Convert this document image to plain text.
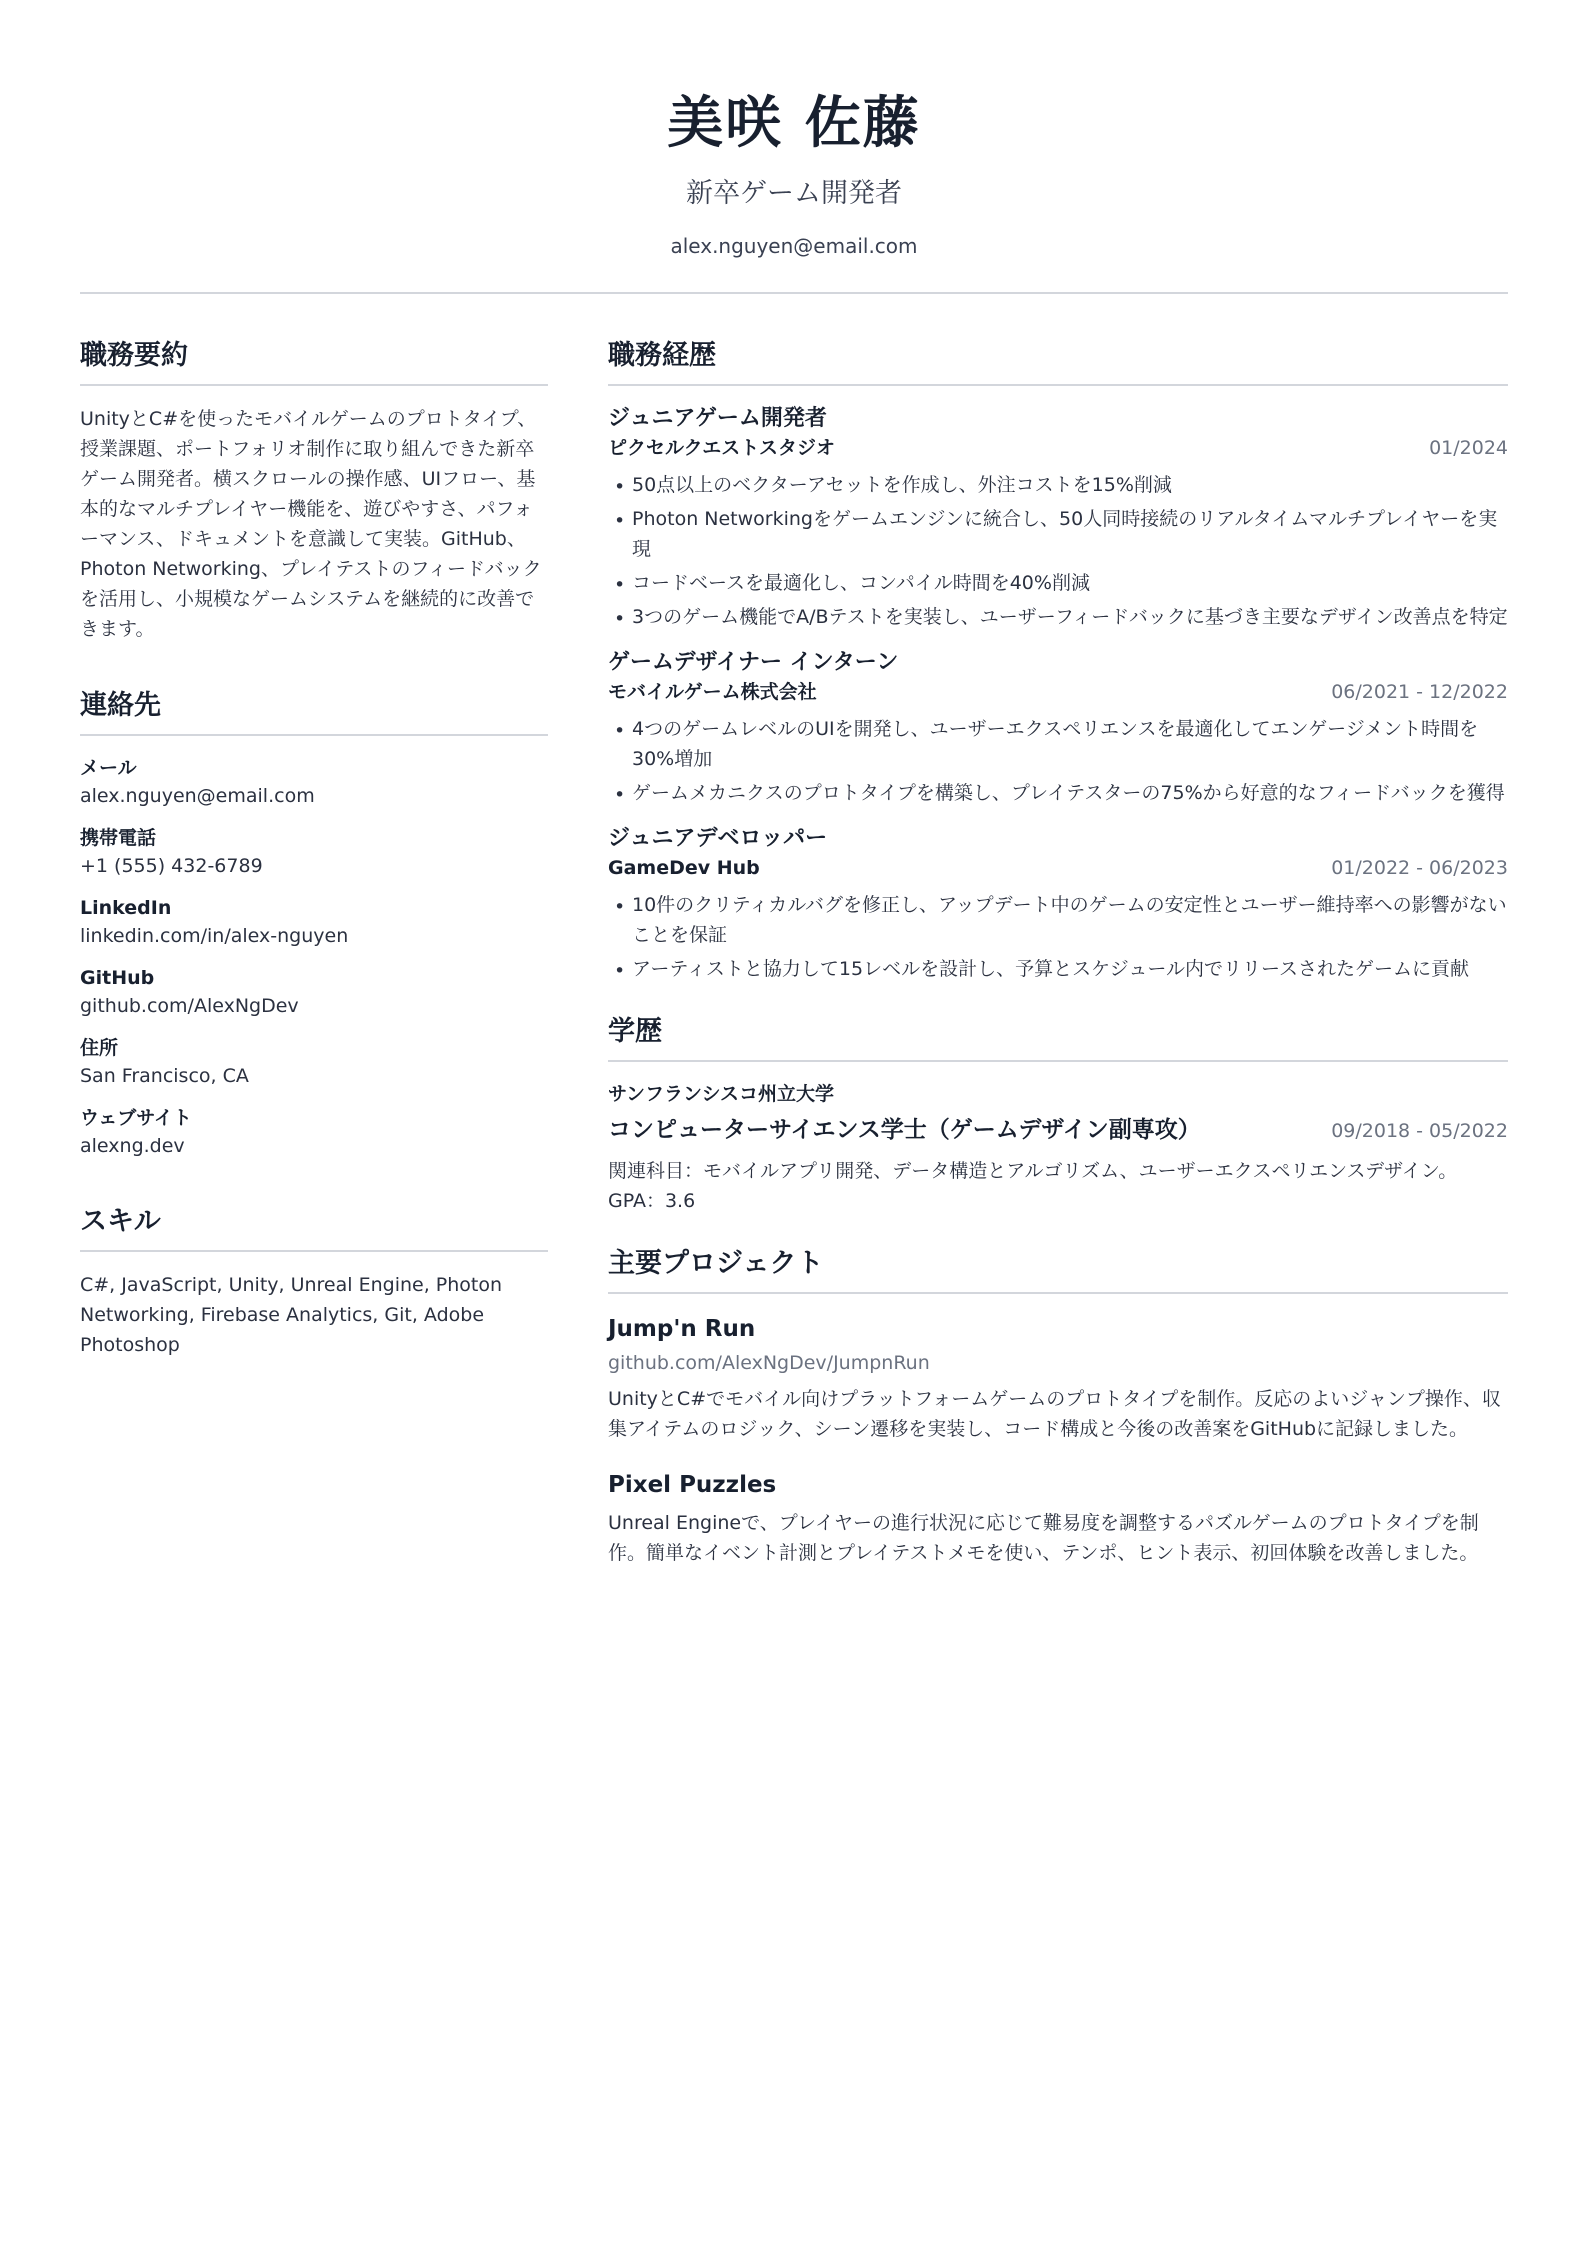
美咲 佐藤
新卒ゲーム開発者
alex.nguyen@email.com
職務要約
UnityとC#を使ったモバイルゲームのプロトタイプ、授業課題、ポートフォリオ制作に取り組んできた新卒ゲーム開発者。横スクロールの操作感、UIフロー、基本的なマルチプレイヤー機能を、遊びやすさ、パフォーマンス、ドキュメントを意識して実装。GitHub、Photon Networking、プレイテストのフィードバックを活用し、小規模なゲームシステムを継続的に改善できます。
連絡先
メール
alex.nguyen@email.com
携帯電話
+1 (555) 432-6789
LinkedIn
linkedin.com/in/alex-nguyen
GitHub
github.com/AlexNgDev
住所
San Francisco, CA
ウェブサイト
alexng.dev
スキル
C#, JavaScript, Unity, Unreal Engine, Photon Networking, Firebase Analytics, Git, Adobe Photoshop
職務経歴
ジュニアゲーム開発者
ピクセルクエストスタジオ	01/2024
• 50点以上のベクターアセットを作成し、外注コストを15%削減
• Photon Networkingをゲームエンジンに統合し、50人同時接続のリアルタイムマルチプレイヤーを実現
• コードベースを最適化し、コンパイル時間を40%削減
• 3つのゲーム機能でA/Bテストを実装し、ユーザーフィードバックに基づき主要なデザイン改善点を特定
ゲームデザイナー インターン
モバイルゲーム株式会社	06/2021 - 12/2022
• 4つのゲームレベルのUIを開発し、ユーザーエクスペリエンスを最適化してエンゲージメント時間を30%増加
• ゲームメカニクスのプロトタイプを構築し、プレイテスターの75%から好意的なフィードバックを獲得
ジュニアデベロッパー
GameDev Hub	01/2022 - 06/2023
• 10件のクリティカルバグを修正し、アップデート中のゲームの安定性とユーザー維持率への影響がないことを保証
• アーティストと協力して15レベルを設計し、予算とスケジュール内でリリースされたゲームに貢献
学歴
サンフランシスコ州立大学
コンピューターサイエンス学士（ゲームデザイン副専攻）	09/2018 - 05/2022
関連科目：モバイルアプリ開発、データ構造とアルゴリズム、ユーザーエクスペリエンスデザイン。GPA：3.6
主要プロジェクト
Jump'n Run
github.com/AlexNgDev/JumpnRun
UnityとC#でモバイル向けプラットフォームゲームのプロトタイプを制作。反応のよいジャンプ操作、収集アイテムのロジック、シーン遷移を実装し、コード構成と今後の改善案をGitHubに記録しました。
Pixel Puzzles
Unreal Engineで、プレイヤーの進行状況に応じて難易度を調整するパズルゲームのプロトタイプを制作。簡単なイベント計測とプレイテストメモを使い、テンポ、ヒント表示、初回体験を改善しました。
